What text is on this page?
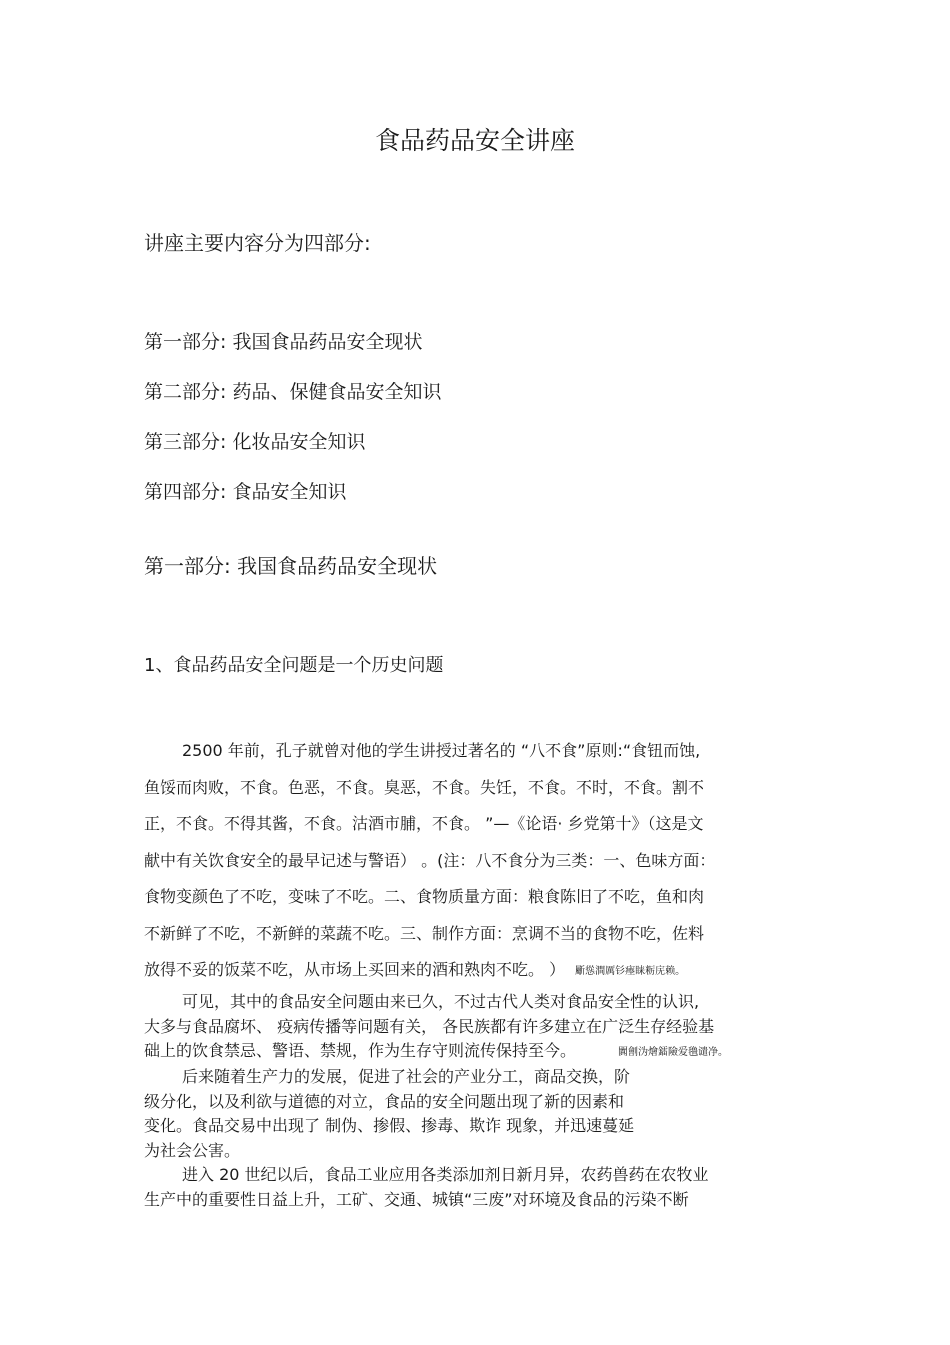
食品药品安全讲座
讲座主要内容分为四部分:
第一部分: 我国食品药品安全现状
第二部分: 药品、保健食品安全知识
第三部分: 化妆品安全知识
第四部分: 食品安全知识
第一部分: 我国食品药品安全现状
1、食品药品安全问题是一个历史问题
2500 年前，孔子就曾对他的学生讲授过著名的 “八不食”原则:“食钮而蚀,
鱼馁而肉败，不食。色恶，不食。臭恶，不食。失饪，不食。不时，不食。割不
正，不食。不得其酱，不食。沽酒市脯，不食。 ”—《论语· 乡党第十》（这是文
献中有关饮食安全的最早记述与警语） 。(注：八不食分为三类：一、色味方面：
食物变颜色了不吃，变味了不吃。二、食物质量方面：粮食陈旧了不吃，鱼和肉
不新鲜了不吃，不新鲜的菜蔬不吃。三、制作方面：烹调不当的食物不吃，佐料
放得不妥的饭菜不吃，从市场上买回来的酒和熟肉不吃。 ） 斸慫澗厲钐瘞睐粝庑赖。
可见，其中的食品安全问题由来已久，不过古代人类对食品安全性的认识,
大多与食品腐坏、 疫病传播等问题有关， 各民族都有许多建立在广泛生存经验基
础上的饮食禁忌、警语、禁规，作为生存守则流传保持至今。	闐劊沩燴鐳險爱氇谴净。
后来随着生产力的发展，促进了社会的产业分工，商品交换，阶
级分化，以及利欲与道德的对立，食品的安全问题出现了新的因素和
变化。食品交易中出现了 制伪、掺假、掺毒、欺诈 现象，并迅速蔓延
为社会公害。
进入 20 世纪以后，食品工业应用各类添加剂日新月异，农药兽药在农牧业
生产中的重要性日益上升，工矿、交通、城镇“三废”对环境及食品的污染不断
